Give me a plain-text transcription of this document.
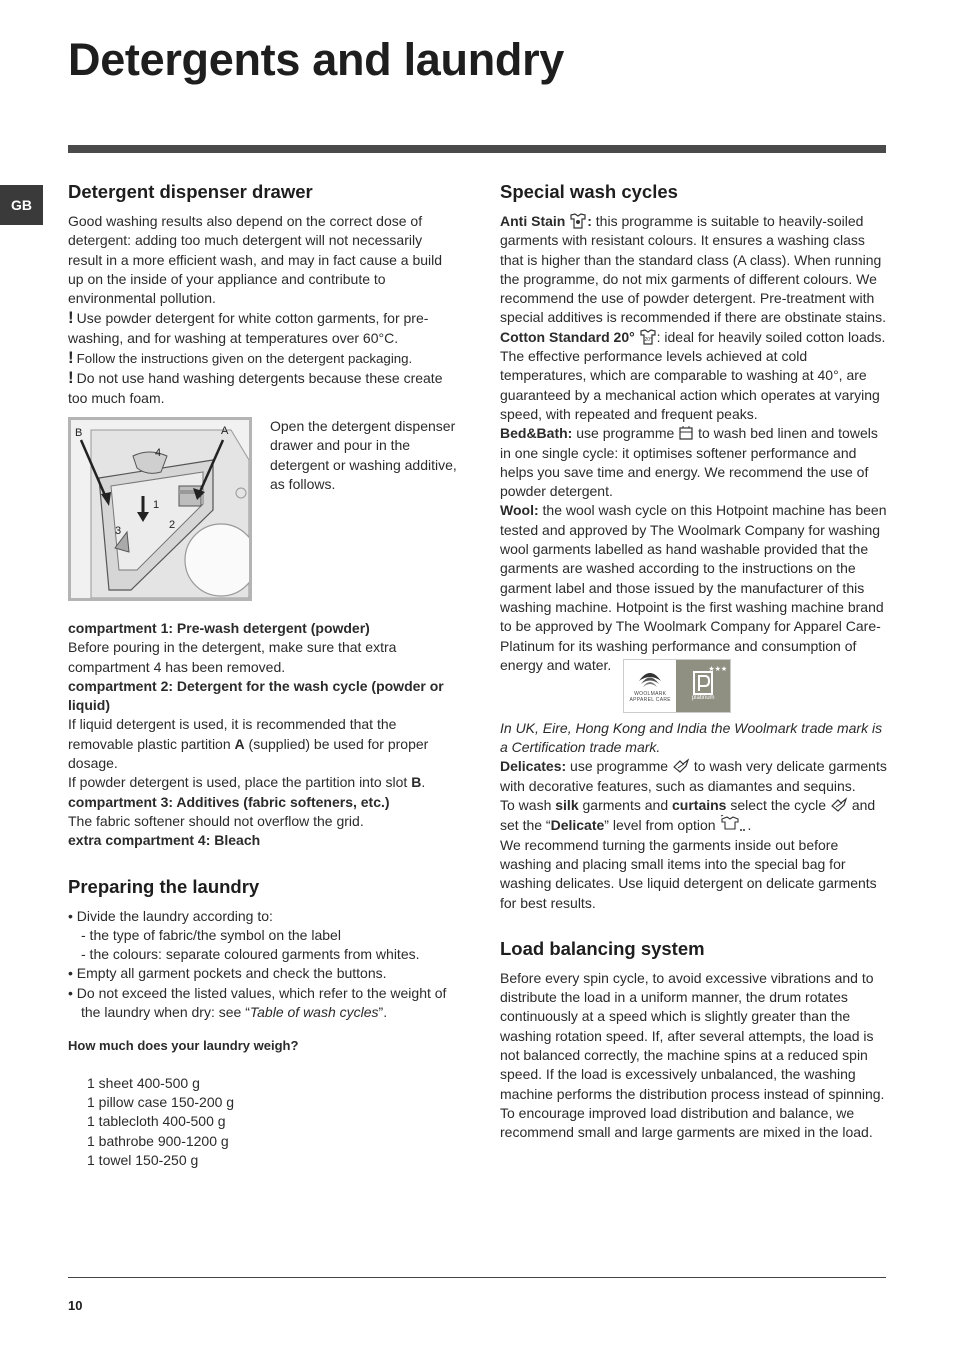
Detergents and laundry
GB
Detergent dispenser drawer

Good washing results also depend on the correct dose of detergent: adding too much detergent will not necessarily result in a more efficient wash, and may in fact cause a build up on the inside of your appliance and contribute to environmental pollution.

! Use powder detergent for white cotton garments, for pre-washing, and for washing at temperatures over 60°C.

! Follow the instructions given on the detergent packaging.

! Do not use hand washing detergents because these create too much foam.

B	A
4
1
2
3

Open the detergent dispenser drawer and pour in the detergent or washing additive, as follows.

compartment 1: Pre-wash detergent (powder)

Before pouring in the detergent, make sure that extra compartment 4 has been removed.

compartment 2: Detergent for the wash cycle (powder or liquid)

If liquid detergent is used, it is recommended that the removable plastic partition A (supplied) be used for proper dosage.

If powder detergent is used, place the partition into slot B.

compartment 3: Additives (fabric softeners, etc.)

The fabric softener should not overflow the grid.

extra compartment 4: Bleach

Preparing the laundry
• Divide the laundry according to:
- the type of fabric/the symbol on the label
- the colours: separate coloured garments from whites.
• Empty all garment pockets and check the buttons.
• Do not exceed the listed values, which refer to the weight of the laundry when dry: see “Table of wash cycles”.

How much does your laundry weigh?

1 sheet 400-500 g
1 pillow case 150-200 g
1 tablecloth 400-500 g
1 bathrobe 900-1200 g
1 towel 150-250 g
Special wash cycles

Anti Stain : this programme is suitable to heavily-soiled garments with resistant colours. It ensures a washing class that is higher than the standard class (A class). When running the programme, do not mix garments of different colours. We recommend the use of powder detergent. Pre-treatment with special additives is recommended if there are obstinate stains.

Cotton Standard 20° 20° : ideal for heavily soiled cotton loads. The effective performance levels achieved at cold temperatures, which are comparable to washing at 40°, are guaranteed by a mechanical action which operates at varying speed, with repeated and frequent peaks.

Bed&Bath: use programme to wash bed linen and towels in one single cycle: it optimises softener performance and helps you save time and energy. We recommend the use of powder detergent.

Wool: the wool wash cycle on this Hotpoint machine has been tested and approved by The Woolmark Company for washing wool garments labelled as hand washable provided that the garments are washed according to the instructions on the garment label and those issued by the manufacturer of this washing machine. Hotpoint is the first washing machine brand to be approved by The Woolmark Company for Apparel Care- Platinum for its washing performance and consumption of energy and water.
WOOLMARK
APPAREL CARE
★★★
platinum

In UK, Eire, Hong Kong and India the Woolmark trade mark is a Certification trade mark.

Delicates: use programme to wash very delicate garments with decorative features, such as diamantes and sequins.

To wash silk garments and curtains select the cycle and set the “Delicate” level from option .

We recommend turning the garments inside out before washing and placing small items into the special bag for washing delicates. Use liquid detergent on delicate garments for best results.

Load balancing system

Before every spin cycle, to avoid excessive vibrations and to distribute the load in a uniform manner, the drum rotates continuously at a speed which is slightly greater than the washing rotation speed. If, after several attempts, the load is not balanced correctly, the machine spins at a reduced spin speed. If the load is excessively unbalanced, the washing machine performs the distribution process instead of spinning. To encourage improved load distribution and balance, we recommend small and large garments are mixed in the load.

10
